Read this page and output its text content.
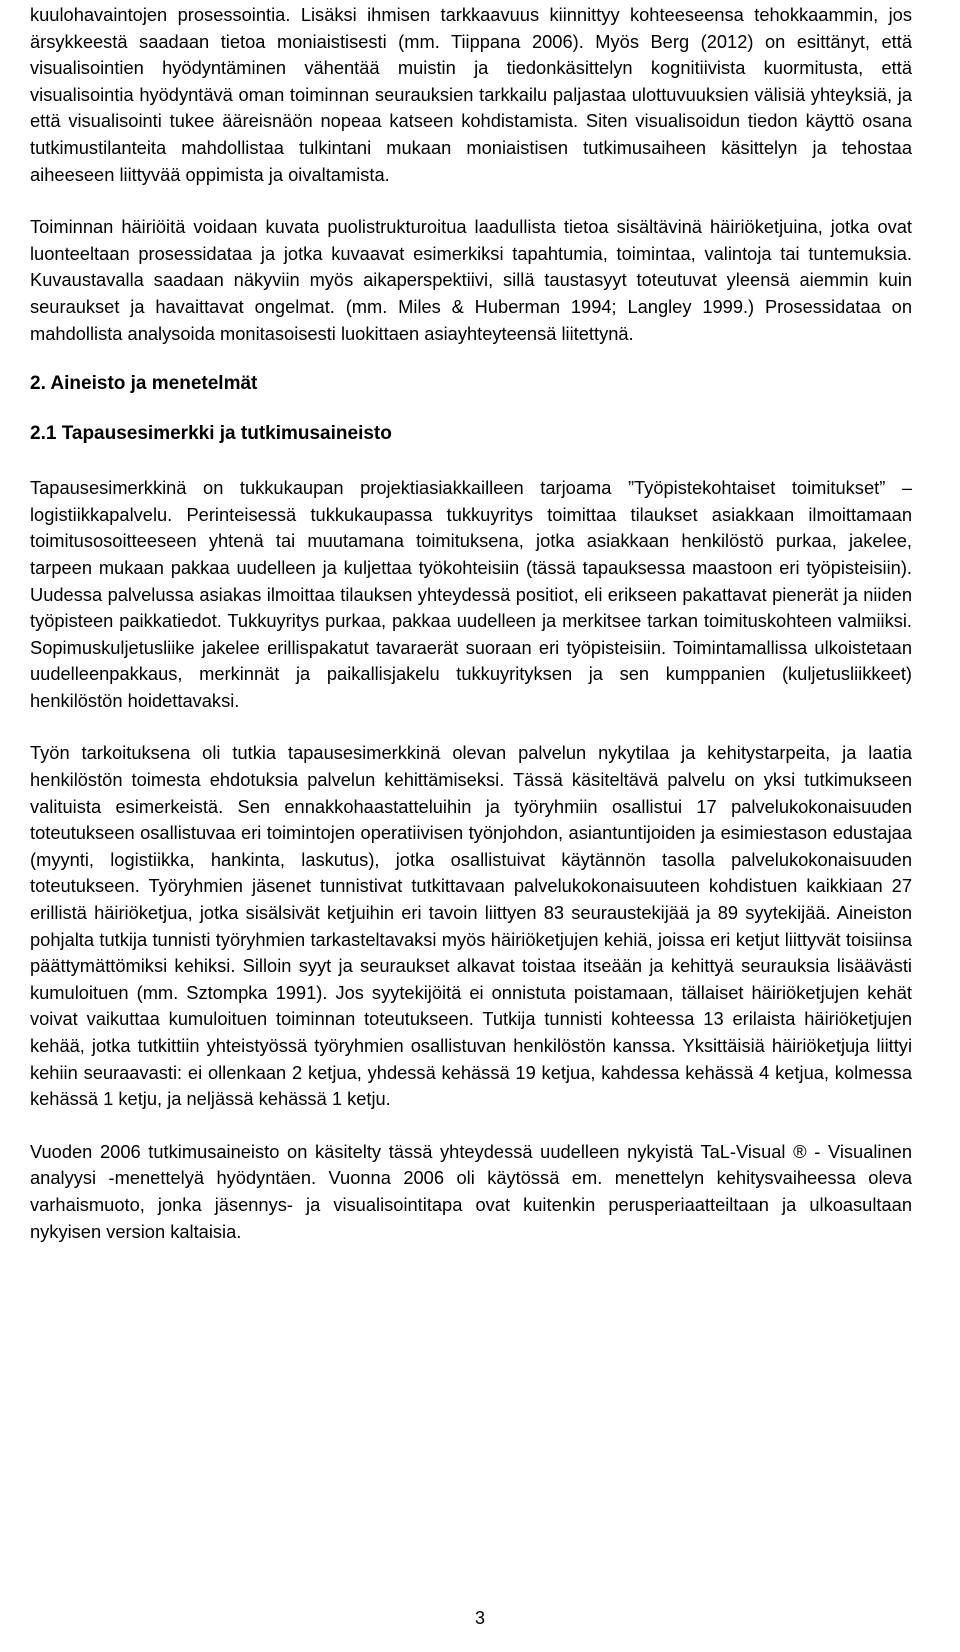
kuulohavaintojen prosessointia. Lisäksi ihmisen tarkkaavuus kiinnittyy kohteeseensa tehokkaammin, jos ärsykkeestä saadaan tietoa moniaistisesti (mm. Tiippana 2006). Myös Berg (2012) on esittänyt, että visualisointien hyödyntäminen vähentää muistin ja tiedonkäsittelyn kognitiivista kuormitusta, että visualisointia hyödyntävä oman toiminnan seurauksien tarkkailu paljastaa ulottuvuuksien välisiä yhteyksiä, ja että visualisointi tukee ääreisnäön nopeaa katseen kohdistamista. Siten visualisoidun tiedon käyttö osana tutkimustilanteita mahdollistaa tulkintani mukaan moniaistisen tutkimusaiheen käsittelyn ja tehostaa aiheeseen liittyvää oppimista ja oivaltamista.

Toiminnan häiriöitä voidaan kuvata puolistrukturoitua laadullista tietoa sisältävinä häiriöketjuina, jotka ovat luonteeltaan prosessidataa ja jotka kuvaavat esimerkiksi tapahtumia, toimintaa, valintoja tai tuntemuksia. Kuvaustavalla saadaan näkyviin myös aikaperspektiivi, sillä taustasyyt toteutuvat yleensä aiemmin kuin seuraukset ja havaittavat ongelmat. (mm. Miles & Huberman 1994; Langley 1999.) Prosessidataa on mahdollista analysoida monitasoisesti luokittaen asiayhteyteensä liitettynä.

2. Aineisto ja menetelmät
2.1 Tapausesimerkki ja tutkimusaineisto

Tapausesimerkkinä on tukkukaupan projektiasiakkailleen tarjoama ”Työpistekohtaiset toimitukset” – logistiikkapalvelu. Perinteisessä tukkukaupassa tukkuyritys toimittaa tilaukset asiakkaan ilmoittamaan toimitusosoitteeseen yhtenä tai muutamana toimituksena, jotka asiakkaan henkilöstö purkaa, jakelee, tarpeen mukaan pakkaa uudelleen ja kuljettaa työkohteisiin (tässä tapauksessa maastoon eri työpisteisiin). Uudessa palvelussa asiakas ilmoittaa tilauksen yhteydessä positiot, eli erikseen pakattavat pienerät ja niiden työpisteen paikkatiedot. Tukkuyritys purkaa, pakkaa uudelleen ja merkitsee tarkan toimituskohteen valmiiksi. Sopimuskuljetusliike jakelee erillispakatut tavaraerät suoraan eri työpisteisiin. Toimintamallissa ulkoistetaan uudelleenpakkaus, merkinnät ja paikallisjakelu tukkuyrityksen ja sen kumppanien (kuljetusliikkeet) henkilöstön hoidettavaksi.

Työn tarkoituksena oli tutkia tapausesimerkkinä olevan palvelun nykytilaa ja kehitystarpeita, ja laatia henkilöstön toimesta ehdotuksia palvelun kehittämiseksi. Tässä käsiteltävä palvelu on yksi tutkimukseen valituista esimerkeistä. Sen ennakkohaastatteluihin ja työryhmiin osallistui 17 palvelukokonaisuuden toteutukseen osallistuvaa eri toimintojen operatiivisen työnjohdon, asiantuntijoiden ja esimiestason edustajaa (myynti, logistiikka, hankinta, laskutus), jotka osallistuivat käytännön tasolla palvelukokonaisuuden toteutukseen. Työryhmien jäsenet tunnistivat tutkittavaan palvelukokonaisuuteen kohdistuen kaikkiaan 27 erillistä häiriöketjua, jotka sisälsivät ketjuihin eri tavoin liittyen 83 seuraustekijää ja 89 syytekijää. Aineiston pohjalta tutkija tunnisti työryhmien tarkasteltavaksi myös häiriöketjujen kehiä, joissa eri ketjut liittyvät toisiinsa päättymättömiksi kehiksi. Silloin syyt ja seuraukset alkavat toistaa itseään ja kehittyä seurauksia lisäävästi kumuloituen (mm. Sztompka 1991). Jos syytekijöitä ei onnistuta poistamaan, tällaiset häiriöketjujen kehät voivat vaikuttaa kumuloituen toiminnan toteutukseen. Tutkija tunnisti kohteessa 13 erilaista häiriöketjujen kehää, jotka tutkittiin yhteistyössä työryhmien osallistuvan henkilöstön kanssa. Yksittäisiä häiriöketjuja liittyi kehiin seuraavasti: ei ollenkaan 2 ketjua, yhdessä kehässä 19 ketjua, kahdessa kehässä 4 ketjua, kolmessa kehässä 1 ketju, ja neljässä kehässä 1 ketju.

Vuoden 2006 tutkimusaineisto on käsitelty tässä yhteydessä uudelleen nykyistä TaL-Visual ® - Visualinen analyysi -menettelyä hyödyntäen. Vuonna 2006 oli käytössä em. menettelyn kehitysvaiheessa oleva varhaismuoto, jonka jäsennys- ja visualisointitapa ovat kuitenkin perusperiaatteiltaan ja ulkoasultaan nykyisen version kaltaisia.

3
